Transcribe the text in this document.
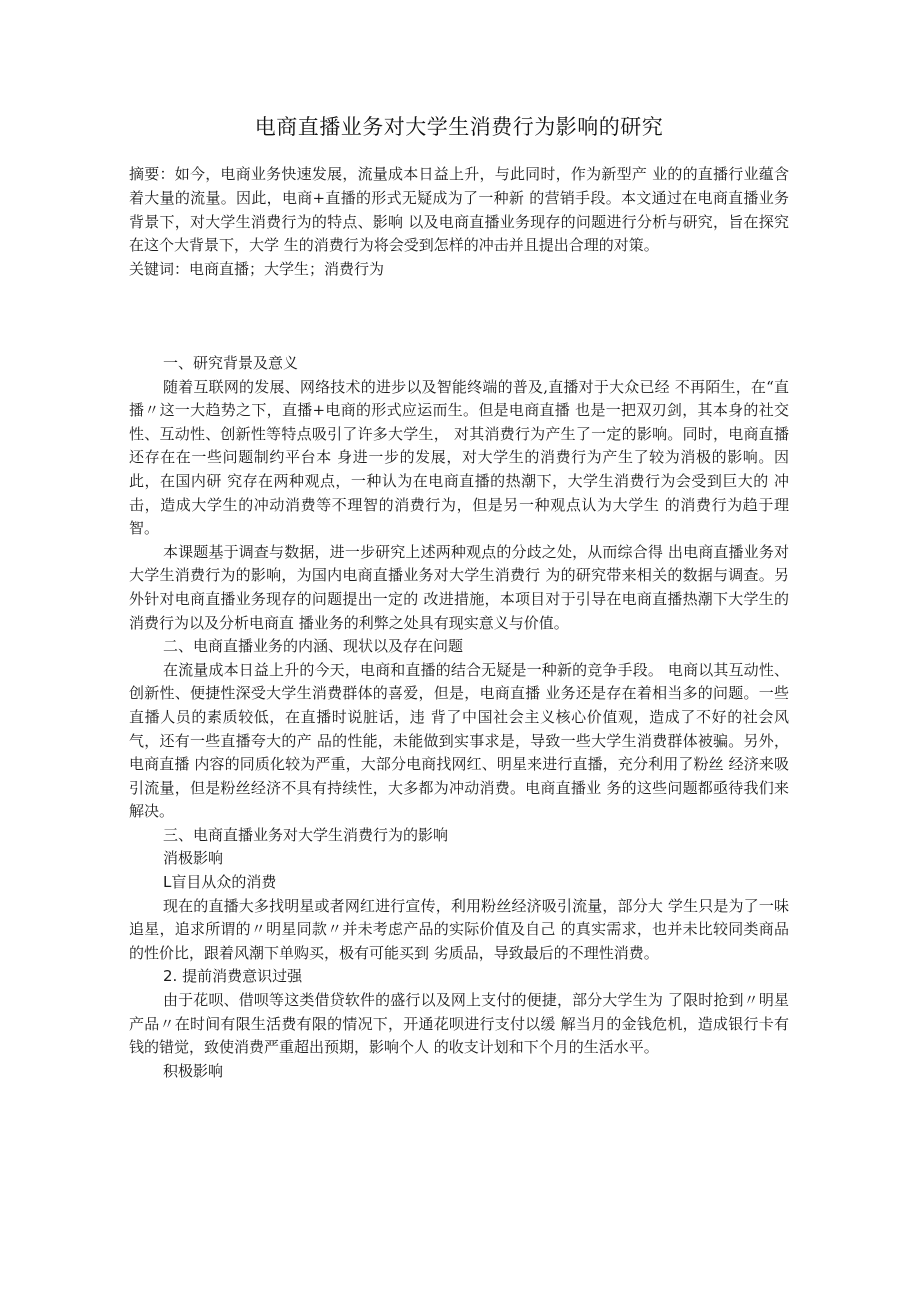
电商直播业务对大学生消费行为影响的研究

摘要：如今，电商业务快速发展，流量成本日益上升，与此同时，作为新型产 业的的直播行业蕴含着大量的流量。因此，电商+直播的形式无疑成为了一种新 的营销手段。本文通过在电商直播业务背景下，对大学生消费行为的特点、影响 以及电商直播业务现存的问题进行分析与研究，旨在探究在这个大背景下，大学 生的消费行为将会受到怎样的冲击并且提出合理的对策。

关键词：电商直播；大学生；消费行为

一、研究背景及意义

随着互联网的发展、网络技术的进步以及智能终端的普及,直播对于大众已经 不再陌生，在“直播〃这一大趋势之下，直播+电商的形式应运而生。但是电商直播 也是一把双刃剑，其本身的社交性、互动性、创新性等特点吸引了许多大学生， 对其消费行为产生了一定的影响。同时，电商直播还存在在一些问题制约平台本 身进一步的发展，对大学生的消费行为产生了较为消极的影响。因此，在国内研 究存在两种观点，一种认为在电商直播的热潮下，大学生消费行为会受到巨大的 冲击，造成大学生的冲动消费等不理智的消费行为，但是另一种观点认为大学生 的消费行为趋于理智。

本课题基于调查与数据，进一步研究上述两种观点的分歧之处，从而综合得 出电商直播业务对大学生消费行为的影响，为国内电商直播业务对大学生消费行 为的研究带来相关的数据与调查。另外针对电商直播业务现存的问题提出一定的 改进措施，本项目对于引导在电商直播热潮下大学生的消费行为以及分析电商直 播业务的利弊之处具有现实意义与价值。

二、电商直播业务的内涵、现状以及存在问题

在流量成本日益上升的今天，电商和直播的结合无疑是一种新的竞争手段。 电商以其互动性、创新性、便捷性深受大学生消费群体的喜爱，但是，电商直播 业务还是存在着相当多的问题。一些直播人员的素质较低，在直播时说脏话，违 背了中国社会主义核心价值观，造成了不好的社会风气，还有一些直播夸大的产 品的性能，未能做到实事求是，导致一些大学生消费群体被骗。另外，电商直播 内容的同质化较为严重，大部分电商找网红、明星来进行直播，充分利用了粉丝 经济来吸引流量，但是粉丝经济不具有持续性，大多都为冲动消费。电商直播业 务的这些问题都亟待我们来解决。

三、电商直播业务对大学生消费行为的影响

消极影响

L盲目从众的消费

现在的直播大多找明星或者网红进行宣传，利用粉丝经济吸引流量，部分大 学生只是为了一味追星，追求所谓的〃明星同款〃并未考虑产品的实际价值及自己 的真实需求，也并未比较同类商品的性价比，跟着风潮下单购买，极有可能买到 劣质品，导致最后的不理性消费。

2. 提前消费意识过强

由于花呗、借呗等这类借贷软件的盛行以及网上支付的便捷，部分大学生为 了限时抢到〃明星产品〃在时间有限生活费有限的情况下，开通花呗进行支付以缓 解当月的金钱危机，造成银行卡有钱的错觉，致使消费严重超出预期，影响个人 的收支计划和下个月的生活水平。

积极影响
